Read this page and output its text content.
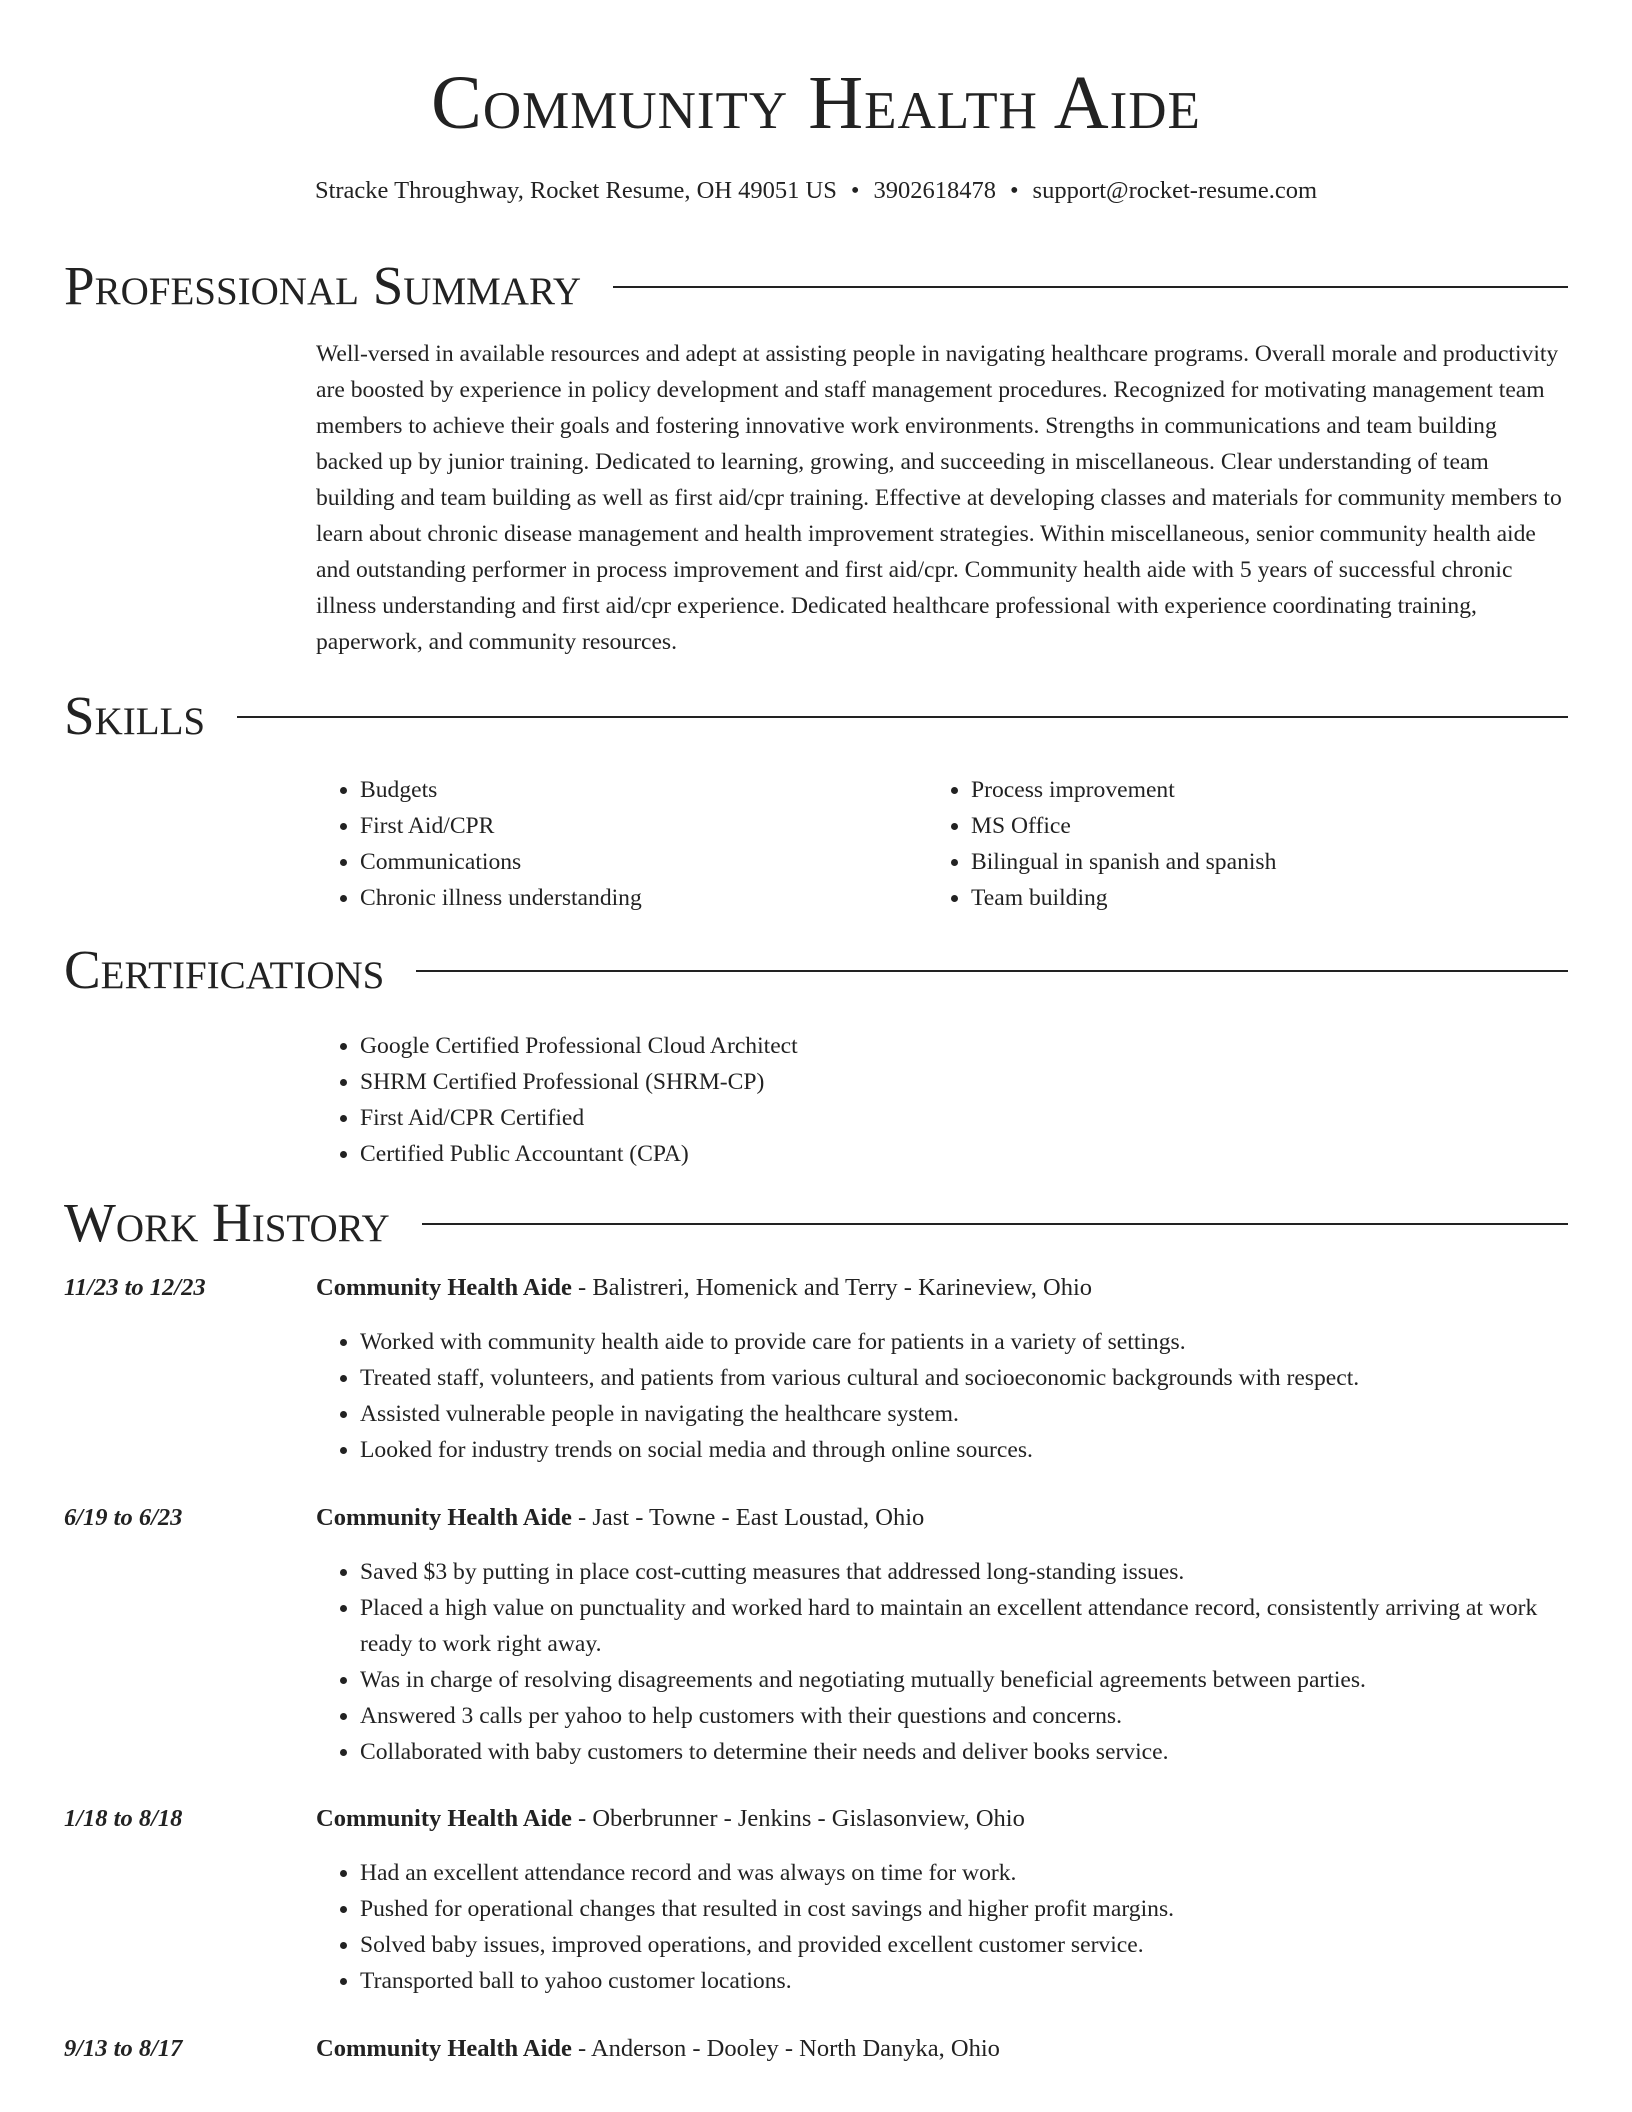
Community Health Aide
Stracke Throughway, Rocket Resume, OH 49051 US • 3902618478 • support@rocket-resume.com
Professional Summary

Well-versed in available resources and adept at assisting people in navigating healthcare programs. Overall morale and productivity are boosted by experience in policy development and staff management procedures. Recognized for motivating management team members to achieve their goals and fostering innovative work environments. Strengths in communications and team building backed up by junior training. Dedicated to learning, growing, and succeeding in miscellaneous. Clear understanding of team building and team building as well as first aid/cpr training. Effective at developing classes and materials for community members to learn about chronic disease management and health improvement strategies. Within miscellaneous, senior community health aide and outstanding performer in process improvement and first aid/cpr. Community health aide with 5 years of successful chronic illness understanding and first aid/cpr experience. Dedicated healthcare professional with experience coordinating training, paperwork, and community resources.

Skills
• Budgets
• First Aid/CPR
• Communications
• Chronic illness understanding
• Process improvement
• MS Office
• Bilingual in spanish and spanish
• Team building
Certifications
• Google Certified Professional Cloud Architect
• SHRM Certified Professional (SHRM-CP)
• First Aid/CPR Certified
• Certified Public Accountant (CPA)
Work History
11/23 to 12/23	Community Health Aide - Balistreri, Homenick and Terry - Karineview, Ohio
• Worked with community health aide to provide care for patients in a variety of settings.
• Treated staff, volunteers, and patients from various cultural and socioeconomic backgrounds with respect.
• Assisted vulnerable people in navigating the healthcare system.
• Looked for industry trends on social media and through online sources.
6/19 to 6/23	Community Health Aide - Jast - Towne - East Loustad, Ohio
• Saved $3 by putting in place cost-cutting measures that addressed long-standing issues.
• Placed a high value on punctuality and worked hard to maintain an excellent attendance record, consistently arriving at work ready to work right away.
• Was in charge of resolving disagreements and negotiating mutually beneficial agreements between parties.
• Answered 3 calls per yahoo to help customers with their questions and concerns.
• Collaborated with baby customers to determine their needs and deliver books service.
1/18 to 8/18	Community Health Aide - Oberbrunner - Jenkins - Gislasonview, Ohio
• Had an excellent attendance record and was always on time for work.
• Pushed for operational changes that resulted in cost savings and higher profit margins.
• Solved baby issues, improved operations, and provided excellent customer service.
• Transported ball to yahoo customer locations.
9/13 to 8/17	Community Health Aide - Anderson - Dooley - North Danyka, Ohio
